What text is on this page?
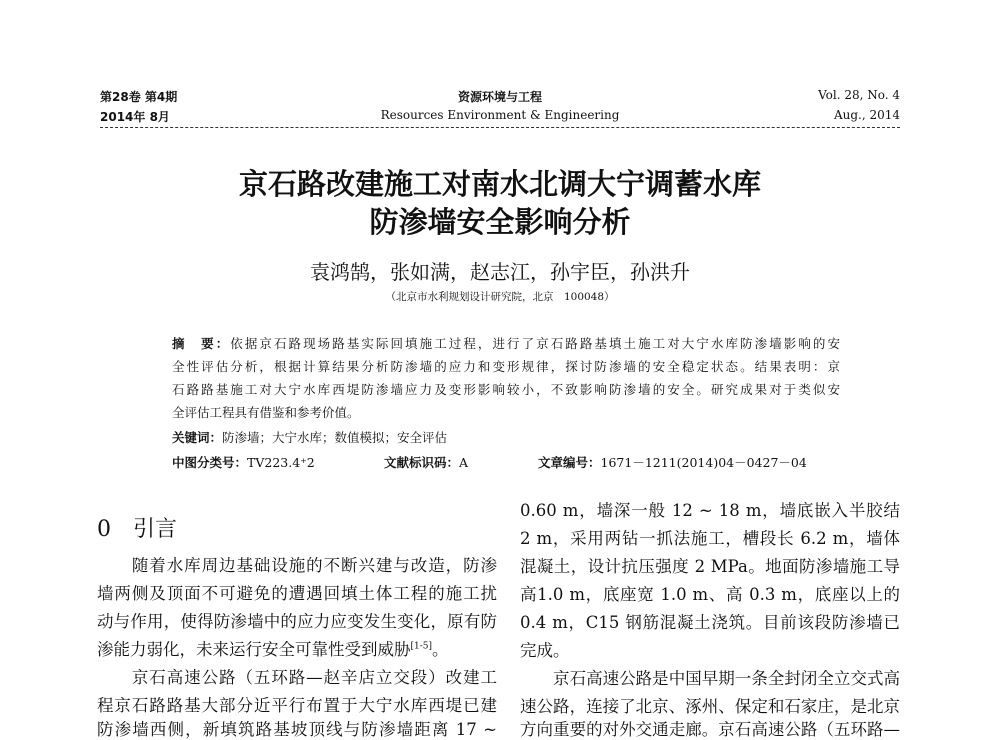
第28卷 第4期
2014年 8月
资源环境与工程
Resources Environment & Engineering
Vol. 28, No. 4
Aug., 2014
京石路改建施工对南水北调大宁调蓄水库
防渗墙安全影响分析
袁鸿鹄，张如满，赵志江，孙宇臣，孙洪升
（北京市水利规划设计研究院，北京　100048）
摘　要：依据京石路现场路基实际回填施工过程，进行了京石路路基填土施工对大宁水库防渗墙影响的安
全性评估分析，根据计算结果分析防渗墙的应力和变形规律，探讨防渗墙的安全稳定状态。结果表明：京
石路路基施工对大宁水库西堤防渗墙应力及变形影响较小，不致影响防渗墙的安全。研究成果对于类似安
全评估工程具有借鉴和参考价值。
关键词：防渗墙；大宁水库；数值模拟；安全评估
中图分类号：TV223.4⁺2	文献标识码：A	文章编号：1671－1211(2014)04－0427－04
0　引言
　　随着水库周边基础设施的不断兴建与改造，防渗
墙两侧及顶面不可避免的遭遇回填土体工程的施工扰
动与作用，使得防渗墙中的应力应变发生变化，原有防
渗能力弱化，未来运行安全可靠性受到威胁[1-5]。
　　京石高速公路（五环路—赵辛店立交段）改建工
程京石路路基大部分近平行布置于大宁水库西堤已建
防渗墙西侧，新填筑路基坡顶线与防渗墙距离 17 ~
0.60 m，墙深一般 12 ~ 18 m，墙底嵌入半胶结
2 m，采用两钻一抓法施工，槽段长 6.2 m，墙体
混凝土，设计抗压强度 2 MPa。地面防渗墙施工导
高1.0 m，底座宽 1.0 m、高 0.3 m，底座以上的
0.4 m，C15 钢筋混凝土浇筑。目前该段防渗墙已
完成。
　　京石高速公路是中国早期一条全封闭全立交式高
速公路，连接了北京、涿州、保定和石家庄，是北京
方向重要的对外交通走廊。京石高速公路（五环路—
